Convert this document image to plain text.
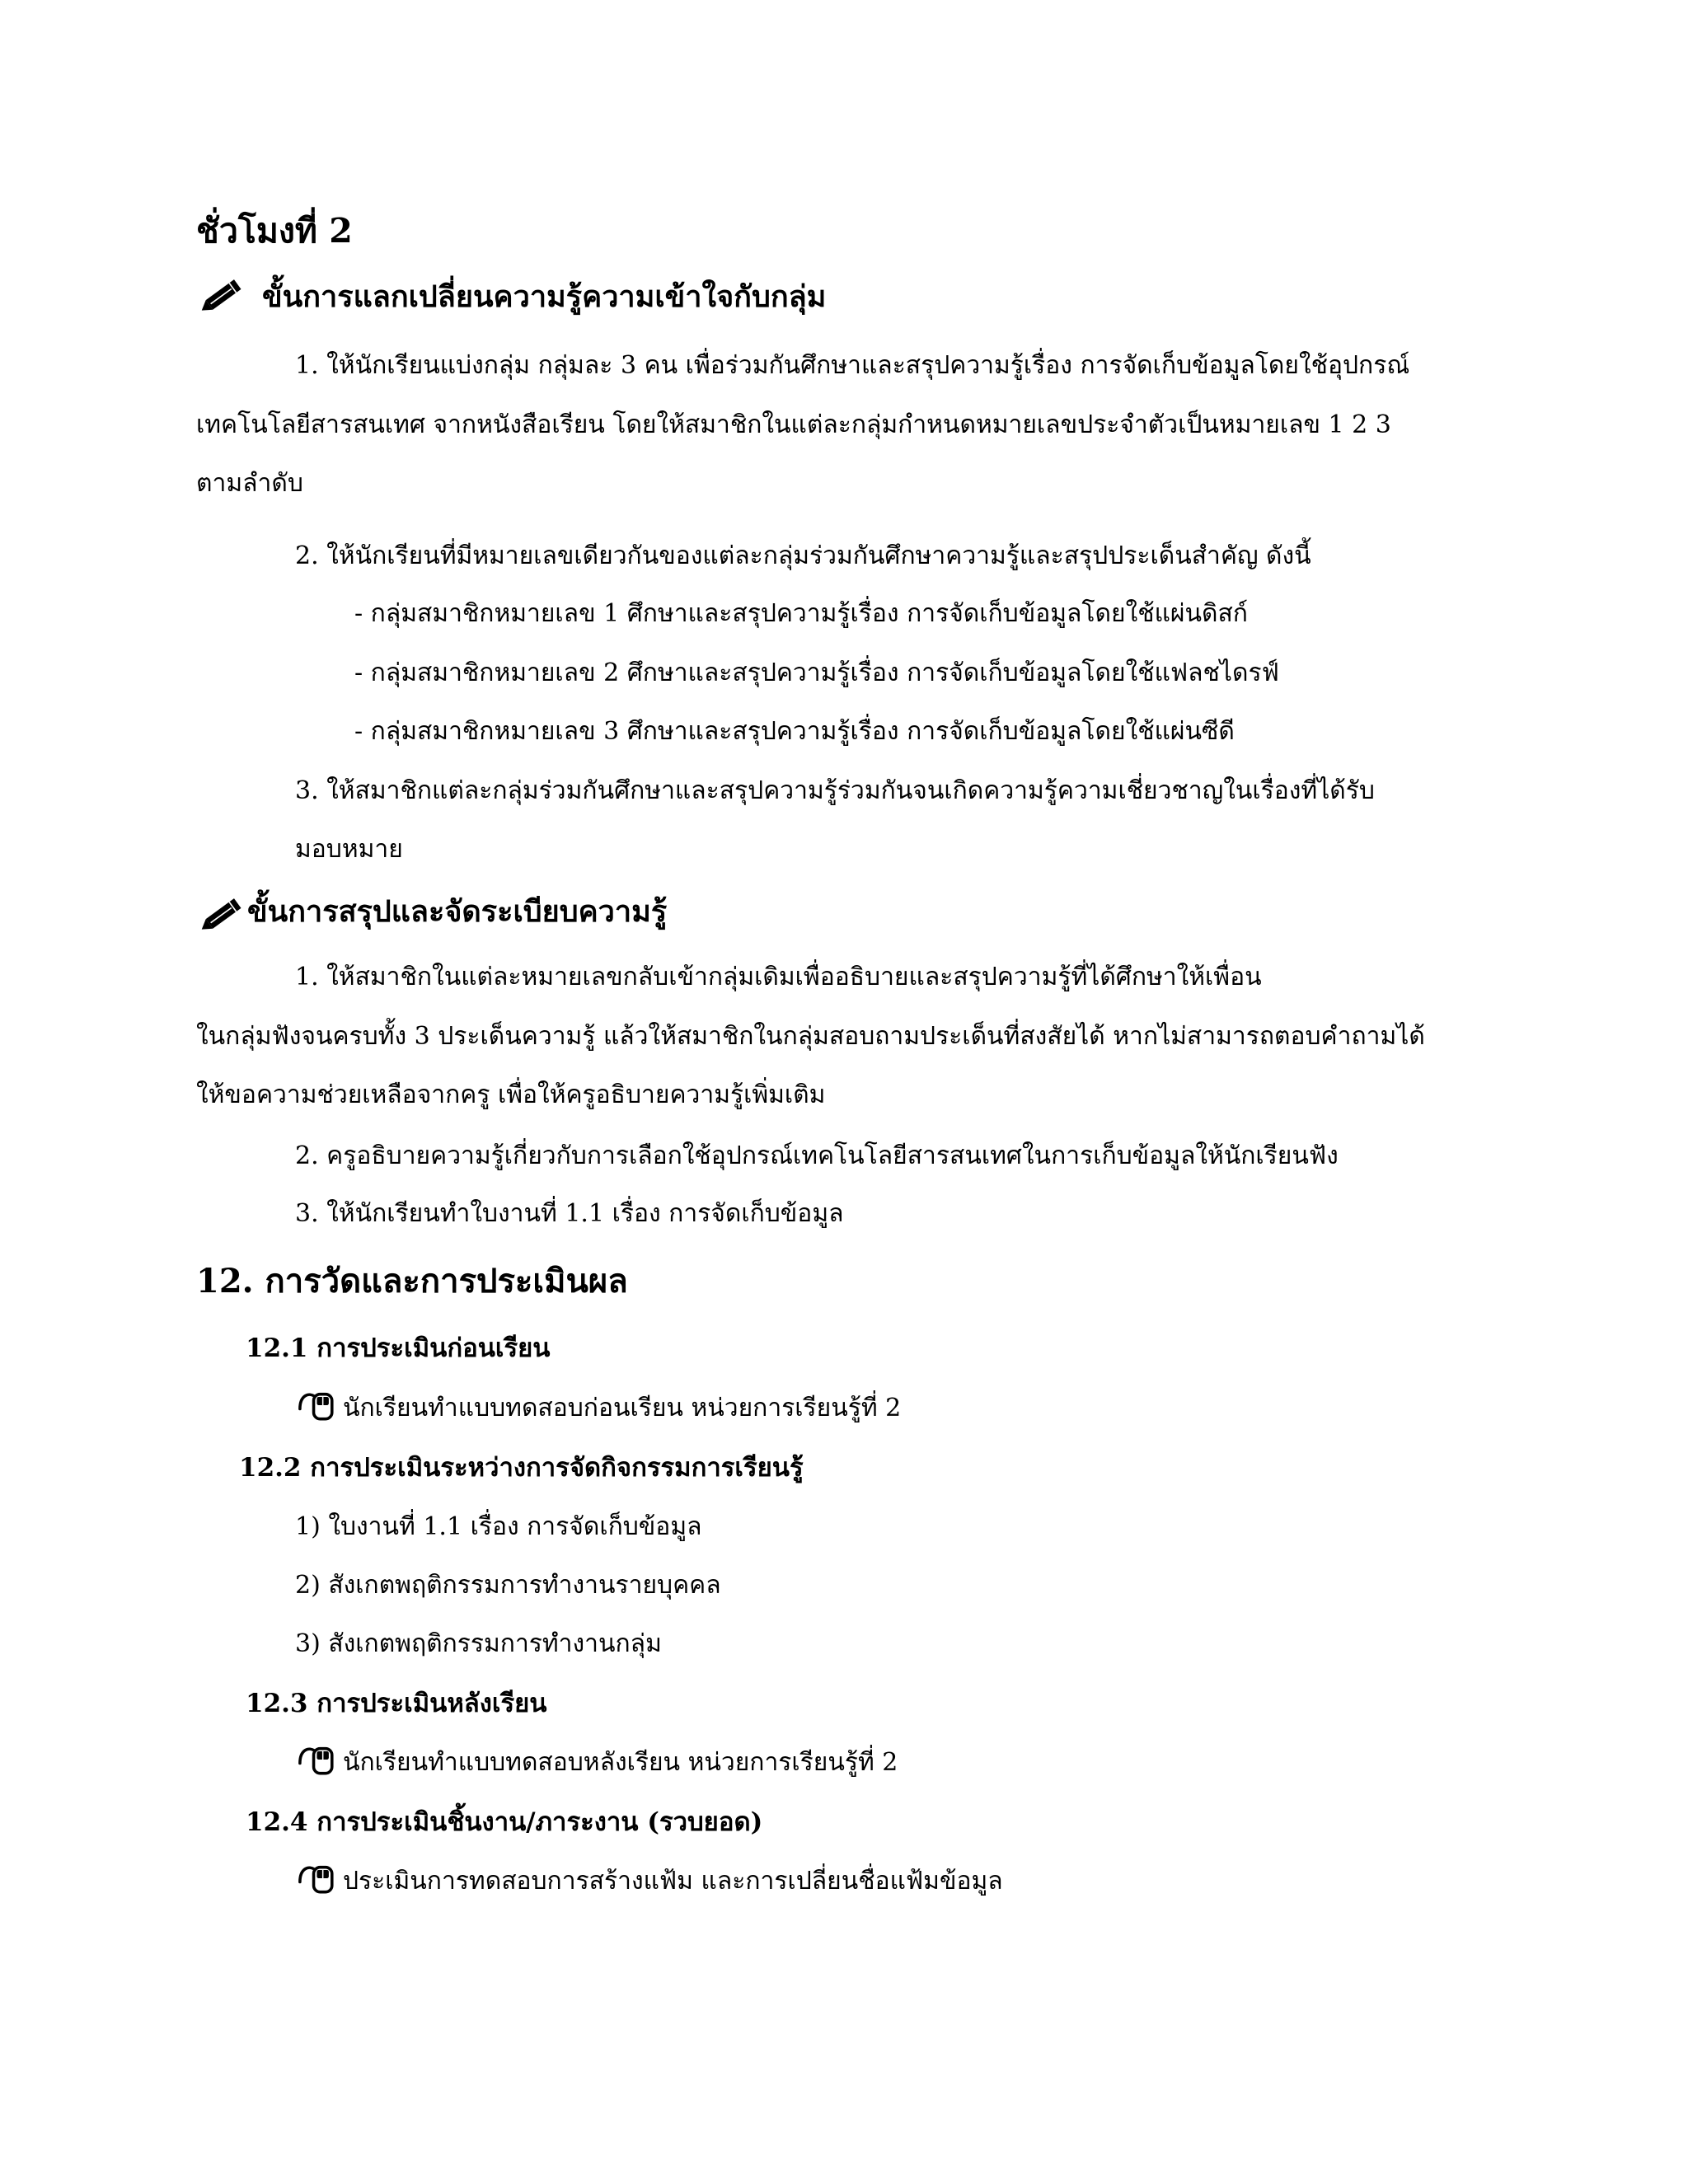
ชั่วโมงที่ 2
ขั้นการแลกเปลี่ยนความรู้ความเข้าใจกับกลุ่ม
1. ให้นักเรียนแบ่งกลุ่ม กลุ่มละ 3 คน เพื่อร่วมกันศึกษาและสรุปความรู้เรื่อง การจัดเก็บข้อมูลโดยใช้อุปกรณ์
เทคโนโลยีสารสนเทศ จากหนังสือเรียน โดยให้สมาชิกในแต่ละกลุ่มกำหนดหมายเลขประจำตัวเป็นหมายเลข 1 2 3
ตามลำดับ
2. ให้นักเรียนที่มีหมายเลขเดียวกันของแต่ละกลุ่มร่วมกันศึกษาความรู้และสรุปประเด็นสำคัญ ดังนี้
- กลุ่มสมาชิกหมายเลข 1 ศึกษาและสรุปความรู้เรื่อง การจัดเก็บข้อมูลโดยใช้แผ่นดิสก์
- กลุ่มสมาชิกหมายเลข 2 ศึกษาและสรุปความรู้เรื่อง การจัดเก็บข้อมูลโดยใช้แฟลชไดรฟ์
- กลุ่มสมาชิกหมายเลข 3 ศึกษาและสรุปความรู้เรื่อง การจัดเก็บข้อมูลโดยใช้แผ่นซีดี
3. ให้สมาชิกแต่ละกลุ่มร่วมกันศึกษาและสรุปความรู้ร่วมกันจนเกิดความรู้ความเชี่ยวชาญในเรื่องที่ได้รับ
มอบหมาย
ขั้นการสรุปและจัดระเบียบความรู้
1. ให้สมาชิกในแต่ละหมายเลขกลับเข้ากลุ่มเดิมเพื่ออธิบายและสรุปความรู้ที่ได้ศึกษาให้เพื่อน
ในกลุ่มฟังจนครบทั้ง 3 ประเด็นความรู้ แล้วให้สมาชิกในกลุ่มสอบถามประเด็นที่สงสัยได้ หากไม่สามารถตอบคำถามได้
ให้ขอความช่วยเหลือจากครู เพื่อให้ครูอธิบายความรู้เพิ่มเติม
2. ครูอธิบายความรู้เกี่ยวกับการเลือกใช้อุปกรณ์เทคโนโลยีสารสนเทศในการเก็บข้อมูลให้นักเรียนฟัง
3. ให้นักเรียนทำใบงานที่ 1.1 เรื่อง การจัดเก็บข้อมูล
12. การวัดและการประเมินผล
12.1 การประเมินก่อนเรียน
นักเรียนทำแบบทดสอบก่อนเรียน หน่วยการเรียนรู้ที่ 2
12.2 การประเมินระหว่างการจัดกิจกรรมการเรียนรู้
1) ใบงานที่ 1.1 เรื่อง การจัดเก็บข้อมูล
2) สังเกตพฤติกรรมการทำงานรายบุคคล
3) สังเกตพฤติกรรมการทำงานกลุ่ม
12.3 การประเมินหลังเรียน
นักเรียนทำแบบทดสอบหลังเรียน หน่วยการเรียนรู้ที่ 2
12.4 การประเมินชิ้นงาน/ภาระงาน (รวบยอด)
ประเมินการทดสอบการสร้างแฟ้ม และการเปลี่ยนชื่อแฟ้มข้อมูล
